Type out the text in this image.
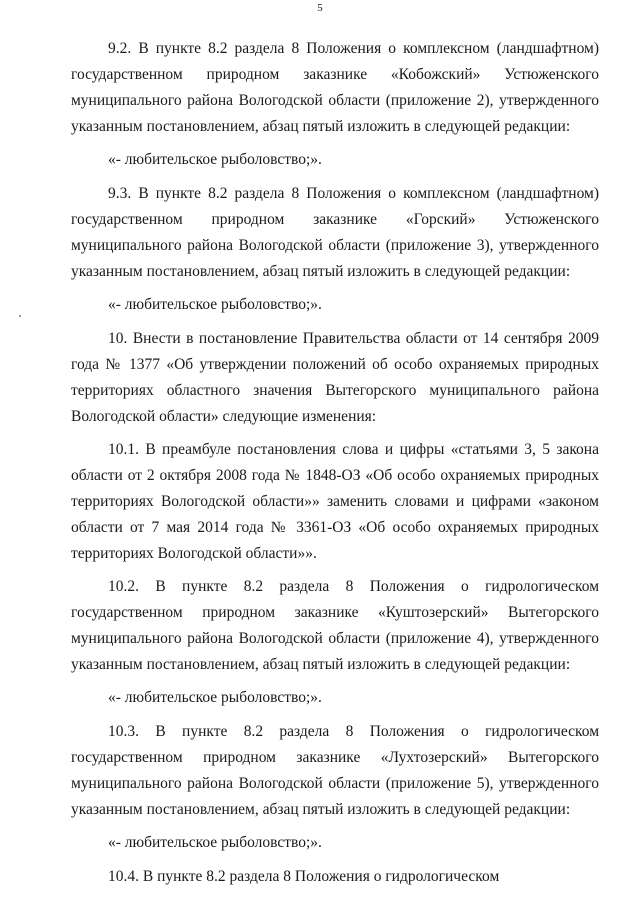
5

9.2. В пункте 8.2 раздела 8 Положения о комплексном (ландшафтном) государственном природном заказнике «Кобожский» Устюженского муниципального района Вологодской области (приложение 2), утвержденного указанным постановлением, абзац пятый изложить в следующей редакции:

«- любительское рыболовство;».

9.3. В пункте 8.2 раздела 8 Положения о комплексном (ландшафтном) государственном природном заказнике «Горский» Устюженского муниципального района Вологодской области (приложение 3), утвержденного указанным постановлением, абзац пятый изложить в следующей редакции:

«- любительское рыболовство;».

10. Внести в постановление Правительства области от 14 сентября 2009 года № 1377 «Об утверждении положений об особо охраняемых природных территориях областного значения Вытегорского муниципального района Вологодской области» следующие изменения:

10.1. В преамбуле постановления слова и цифры «статьями 3, 5 закона области от 2 октября 2008 года № 1848-ОЗ «Об особо охраняемых природных территориях Вологодской области»» заменить словами и цифрами «законом области от 7 мая 2014 года № 3361-ОЗ «Об особо охраняемых природных территориях Вологодской области»».

10.2. В пункте 8.2 раздела 8 Положения о гидрологическом государственном природном заказнике «Куштозерский» Вытегорского муниципального района Вологодской области (приложение 4), утвержденного указанным постановлением, абзац пятый изложить в следующей редакции:

«- любительское рыболовство;».

10.3. В пункте 8.2 раздела 8 Положения о гидрологическом государственном природном заказнике «Лухтозерский» Вытегорского муниципального района Вологодской области (приложение 5), утвержденного указанным постановлением, абзац пятый изложить в следующей редакции:

«- любительское рыболовство;».

10.4. В пункте 8.2 раздела 8 Положения о гидрологическом
